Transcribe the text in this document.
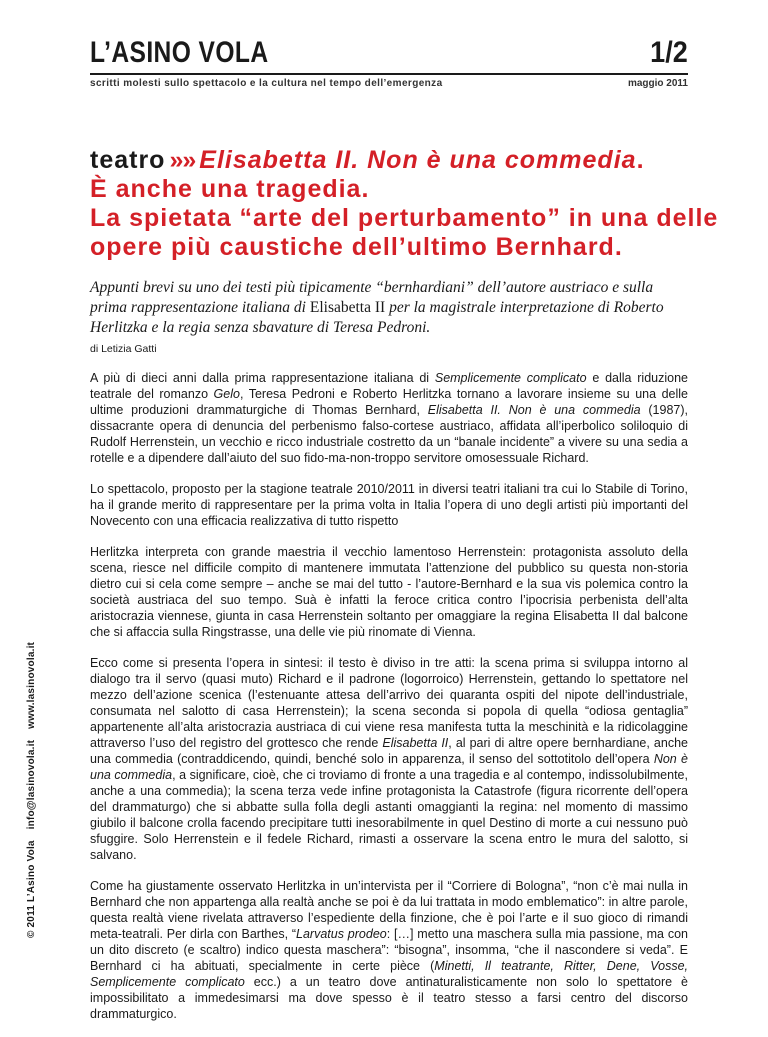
L’ASINO VOLA	1/2
scritti molesti sullo spettacolo e la cultura nel tempo dell’emergenza	maggio 2011
© 2011 L’Asino Vola info@lasinovola.it www.lasinovola.it
teatro »» Elisabetta II. Non è una commedia.
È anche una tragedia.
La spietata “arte del perturbamento” in una delle
opere più caustiche dell’ultimo Bernhard.
Appunti brevi su uno dei testi più tipicamente “bernhardiani” dell’autore austriaco e sulla prima rappresentazione italiana di Elisabetta II per la magistrale interpretazione di Roberto Herlitzka e la regia senza sbavature di Teresa Pedroni.
di Letizia Gatti

A più di dieci anni dalla prima rappresentazione italiana di Semplicemente complicato e dalla riduzione teatrale del romanzo Gelo, Teresa Pedroni e Roberto Herlitzka tornano a lavorare insieme su una delle ultime produzioni drammaturgiche di Thomas Bernhard, Elisabetta II. Non è una commedia (1987), dissacrante opera di denuncia del perbenismo falso-cortese austriaco, affidata all’iperbolico soliloquio di Rudolf Herrenstein, un vecchio e ricco industriale costretto da un “banale incidente” a vivere su una sedia a rotelle e a dipendere dall’aiuto del suo fido-ma-non-troppo servitore omosessuale Richard.

Lo spettacolo, proposto per la stagione teatrale 2010/2011 in diversi teatri italiani tra cui lo Stabile di Torino, ha il grande merito di rappresentare per la prima volta in Italia l’opera di uno degli artisti più importanti del Novecento con una efficacia realizzativa di tutto rispetto

Herlitzka interpreta con grande maestria il vecchio lamentoso Herrenstein: protagonista assoluto della scena, riesce nel difficile compito di mantenere immutata l’attenzione del pubblico su questa non-storia dietro cui si cela come sempre – anche se mai del tutto - l’autore-Bernhard e la sua vis polemica contro la società austriaca del suo tempo. Suà è infatti la feroce critica contro l’ipocrisia perbenista dell’alta aristocrazia viennese, giunta in casa Herrenstein soltanto per omaggiare la regina Elisabetta II dal balcone che si affaccia sulla Ringstrasse, una delle vie più rinomate di Vienna.

Ecco come si presenta l’opera in sintesi: il testo è diviso in tre atti: la scena prima si sviluppa intorno al dialogo tra il servo (quasi muto) Richard e il padrone (logorroico) Herrenstein, gettando lo spettatore nel mezzo dell’azione scenica (l’estenuante attesa dell’arrivo dei quaranta ospiti del nipote dell’industriale, consumata nel salotto di casa Herrenstein); la scena seconda si popola di quella “odiosa gentaglia” appartenente all’alta aristocrazia austriaca di cui viene resa manifesta tutta la meschinità e la ridicolaggine attraverso l’uso del registro del grottesco che rende Elisabetta II, al pari di altre opere bernhardiane, anche una commedia (contraddicendo, quindi, benché solo in apparenza, il senso del sottotitolo dell’opera Non è una commedia, a significare, cioè, che ci troviamo di fronte a una tragedia e al contempo, indissolubilmente, anche a una commedia); la scena terza vede infine protagonista la Catastrofe (figura ricorrente dell’opera del drammaturgo) che si abbatte sulla folla degli astanti omaggianti la regina: nel momento di massimo giubilo il balcone crolla facendo precipitare tutti inesorabilmente in quel Destino di morte a cui nessuno può sfuggire. Solo Herrenstein e il fedele Richard, rimasti a osservare la scena entro le mura del salotto, si salvano.

Come ha giustamente osservato Herlitzka in un’intervista per il “Corriere di Bologna”, “non c’è mai nulla in Bernhard che non appartenga alla realtà anche se poi è da lui trattata in modo emblematico”: in altre parole, questa realtà viene rivelata attraverso l’espediente della finzione, che è poi l’arte e il suo gioco di rimandi meta-teatrali. Per dirla con Barthes, “Larvatus prodeo: […] metto una maschera sulla mia passione, ma con un dito discreto (e scaltro) indico questa maschera”: “bisogna”, insomma, “che il nascondere si veda”. E Bernhard ci ha abituati, specialmente in certe pièce (Minetti, Il teatrante, Ritter, Dene, Vosse, Semplicemente complicato ecc.) a un teatro dove antinaturalisticamente non solo lo spettatore è impossibilitato a immedesimarsi ma dove spesso è il teatro stesso a farsi centro del discorso drammaturgico.
